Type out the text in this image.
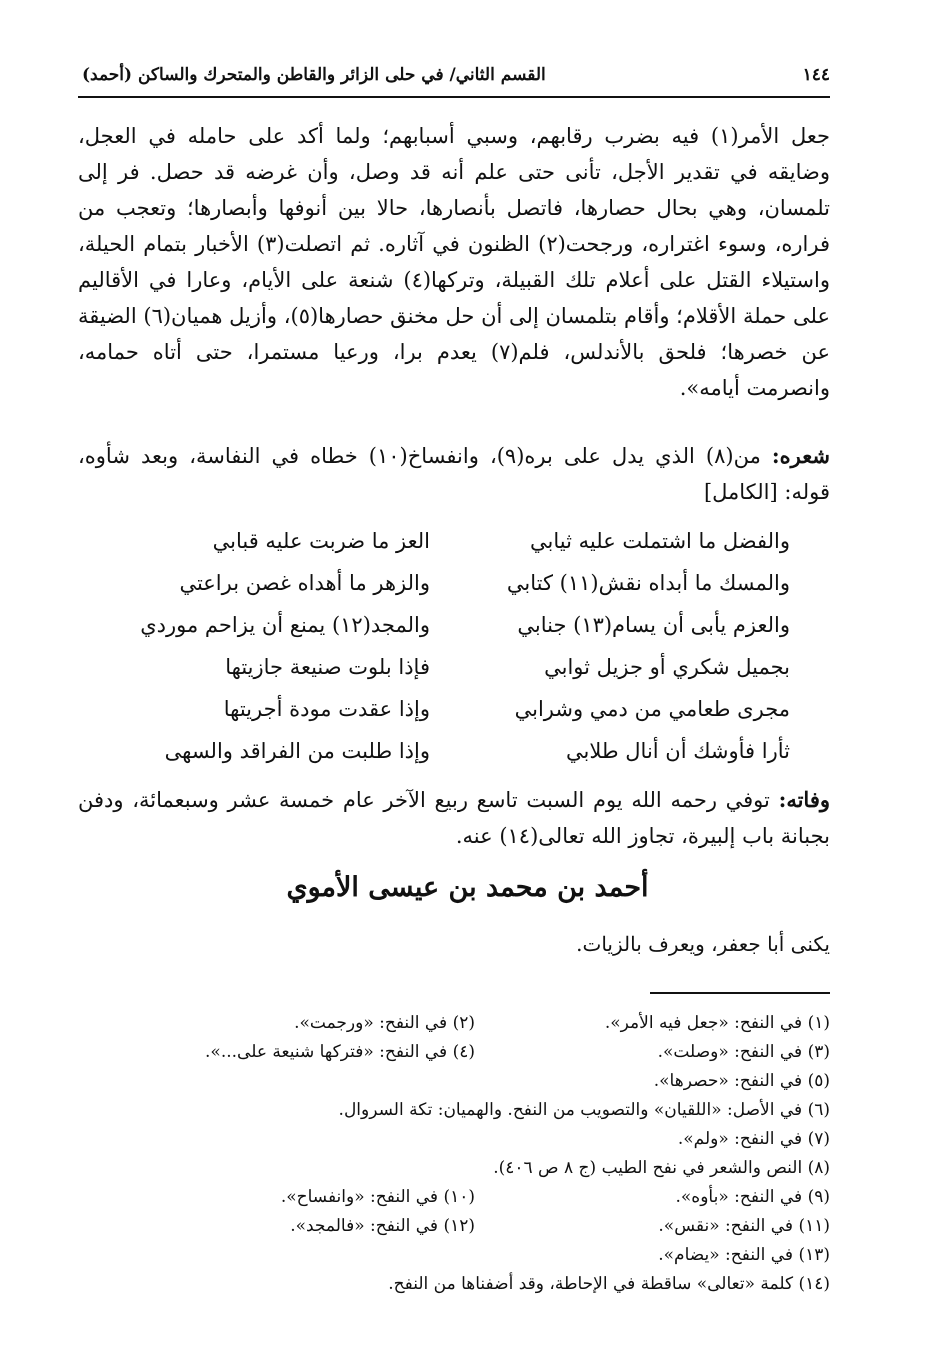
١٤٤
القسم الثاني/ في حلى الزائر والقاطن والمتحرك والساكن (أحمد)

جعل الأمر(١) فيه بضرب رقابهم، وسبي أسبابهم؛ ولما أكد على حامله في العجل، وضايقه في تقدير الأجل، تأنى حتى علم أنه قد وصل، وأن غرضه قد حصل. فر إلى تلمسان، وهي بحال حصارها، فاتصل بأنصارها، حالا بين أنوفها وأبصارها؛ وتعجب من فراره، وسوء اغتراره، ورجحت(٢) الظنون في آثاره. ثم اتصلت(٣) الأخبار بتمام الحيلة، واستيلاء القتل على أعلام تلك القبيلة، وتركها(٤) شنعة على الأيام، وعارا في الأقاليم على حملة الأقلام؛ وأقام بتلمسان إلى أن حل مخنق حصارها(٥)، وأزيل هميان(٦) الضيقة عن خصرها؛ فلحق بالأندلس، فلم(٧) يعدم برا، ورعيا مستمرا، حتى أتاه حمامه، وانصرمت أيامه».

شعره: من(٨) الذي يدل على بره(٩)، وانفساخ(١٠) خطاه في النفاسة، وبعد شأوه، قوله: [الكامل]

والفضل ما اشتملت عليه ثيابي
العز ما ضربت عليه قبابي
والمسك ما أبداه نقش(١١) كتابي
والزهر ما أهداه غصن براعتي
والعزم يأبى أن يسام(١٣) جنابي
والمجد(١٢) يمنع أن يزاحم موردي
بجميل شكري أو جزيل ثوابي
فإذا بلوت صنيعة جازيتها
مجرى طعامي من دمي وشرابي
وإذا عقدت مودة أجريتها
ثأرا فأوشك أن أنال طلابي
وإذا طلبت من الفراقد والسهى

وفاته: توفي رحمه الله يوم السبت تاسع ربيع الآخر عام خمسة عشر وسبعمائة، ودفن بجبانة باب إلبيرة، تجاوز الله تعالى(١٤) عنه.

أحمد بن محمد بن عيسى الأموي

يكنى أبا جعفر، ويعرف بالزيات.

(١) في النفح: «جعل فيه الأمر».
(٢) في النفح: «ورجمت».
(٣) في النفح: «وصلت».
(٤) في النفح: «فتركها شنيعة على...».
(٥) في النفح: «حصرها».
(٦) في الأصل: «اللقيان» والتصويب من النفح. والهميان: تكة السروال.
(٧) في النفح: «ولم».
(٨) النص والشعر في نفح الطيب (ج ٨ ص ٤٠٦).
(٩) في النفح: «بأوه».
(١٠) في النفح: «وانفساح».
(١١) في النفح: «نقس».
(١٢) في النفح: «فالمجد».
(١٣) في النفح: «يضام».
(١٤) كلمة «تعالى» ساقطة في الإحاطة، وقد أضفناها من النفح.
